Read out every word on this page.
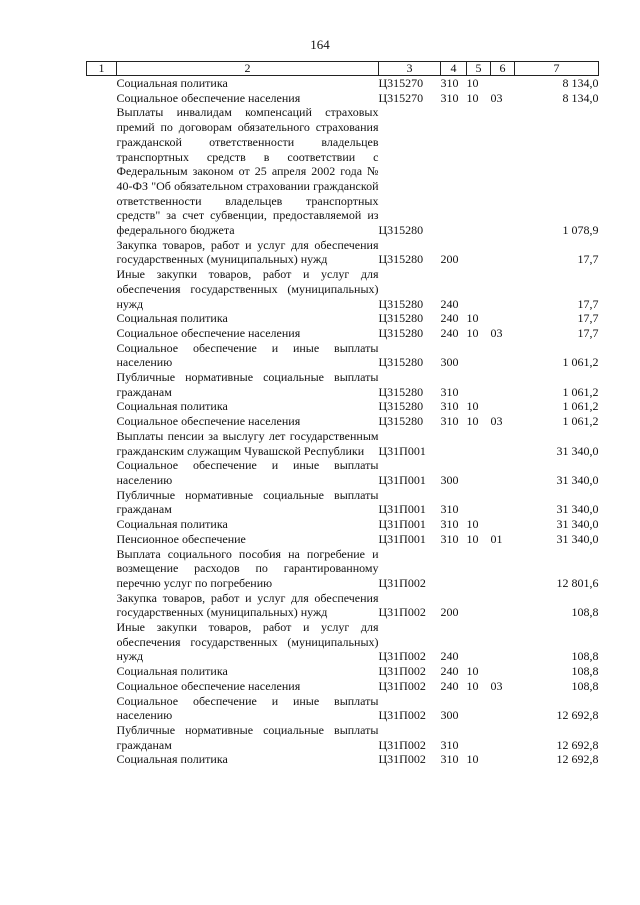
164
1	2	3	4	5	6	7
	Социальная политика	Ц315270	310	10		8 134,0
	Социальное обеспечение населения	Ц315270	310	10	03	8 134,0
	Выплаты инвалидам компенсаций страховых премий по договорам обязательного страхования гражданской ответственности владельцев транспортных средств в соответствии с Федеральным законом от 25 апреля 2002 года № 40-ФЗ "Об обязательном страховании гражданской ответственности владельцев транспортных средств" за счет субвенции, предоставляемой из федерального бюджета	Ц315280				1 078,9
	Закупка товаров, работ и услуг для обеспечения государственных (муниципальных) нужд	Ц315280	200			17,7
	Иные закупки товаров, работ и услуг для обеспечения государственных (муниципальных) нужд	Ц315280	240			17,7
	Социальная политика	Ц315280	240	10		17,7
	Социальное обеспечение населения	Ц315280	240	10	03	17,7
	Социальное обеспечение и иные выплаты населению	Ц315280	300			1 061,2
	Публичные нормативные социальные выплаты гражданам	Ц315280	310			1 061,2
	Социальная политика	Ц315280	310	10		1 061,2
	Социальное обеспечение населения	Ц315280	310	10	03	1 061,2
	Выплаты пенсии за выслугу лет государственным гражданским служащим Чувашской Республики	Ц31П001				31 340,0
	Социальное обеспечение и иные выплаты населению	Ц31П001	300			31 340,0
	Публичные нормативные социальные выплаты гражданам	Ц31П001	310			31 340,0
	Социальная политика	Ц31П001	310	10		31 340,0
	Пенсионное обеспечение	Ц31П001	310	10	01	31 340,0
	Выплата социального пособия на погребение и возмещение расходов по гарантированному перечню услуг по погребению	Ц31П002				12 801,6
	Закупка товаров, работ и услуг для обеспечения государственных (муниципальных) нужд	Ц31П002	200			108,8
	Иные закупки товаров, работ и услуг для обеспечения государственных (муниципальных) нужд	Ц31П002	240			108,8
	Социальная политика	Ц31П002	240	10		108,8
	Социальное обеспечение населения	Ц31П002	240	10	03	108,8
	Социальное обеспечение и иные выплаты населению	Ц31П002	300			12 692,8
	Публичные нормативные социальные выплаты гражданам	Ц31П002	310			12 692,8
	Социальная политика	Ц31П002	310	10		12 692,8
